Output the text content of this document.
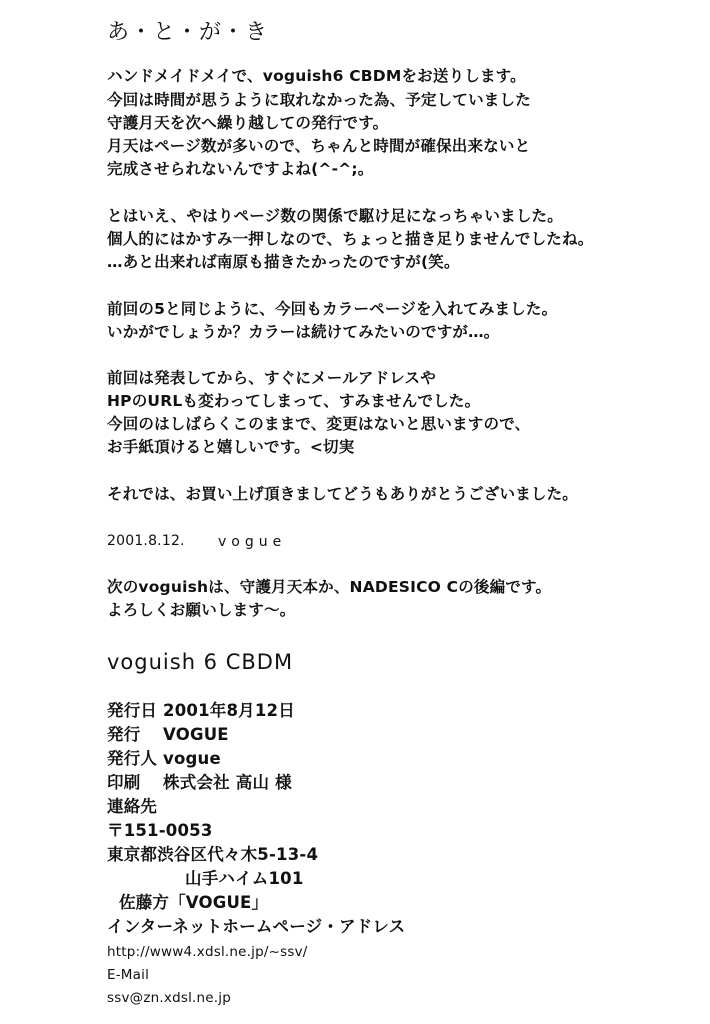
あ・と・が・き
ハンドメイドメイで、voguish6 CBDMをお送りします。
今回は時間が思うように取れなかった為、予定していました
守護月天を次へ繰り越しての発行です。
月天はページ数が多いので、ちゃんと時間が確保出来ないと
完成させられないんですよね(^-^;。
とはいえ、やはりページ数の関係で駆け足になっちゃいました。
個人的にはかすみ一押しなので、ちょっと描き足りませんでしたね。
…あと出来れば南原も描きたかったのですが(笑。
前回の5と同じように、今回もカラーページを入れてみました。
いかがでしょうか？カラーは続けてみたいのですが…。
前回は発表してから、すぐにメールアドレスや
HPのURLも変わってしまって、すみませんでした。
今回のはしばらくこのままで、変更はないと思いますので、
お手紙頂けると嬉しいです。<切実
それでは、お買い上げ頂きましてどうもありがとうございました。
2001.8.12. vogue
次のvoguishは、守護月天本か、NADESICO Cの後編です。
よろしくお願いします～。
voguish 6 CBDM
発行日 2001年8月12日
発行　 VOGUE
発行人 vogue
印刷　 株式会社 高山 様
連絡先
〒151-0053
東京都渋谷区代々木5-13-4
山手ハイム101
佐藤方「VOGUE」
インターネットホームページ・アドレス
http://www4.xdsl.ne.jp/~ssv/
E-Mail
ssv@zn.xdsl.ne.jp
